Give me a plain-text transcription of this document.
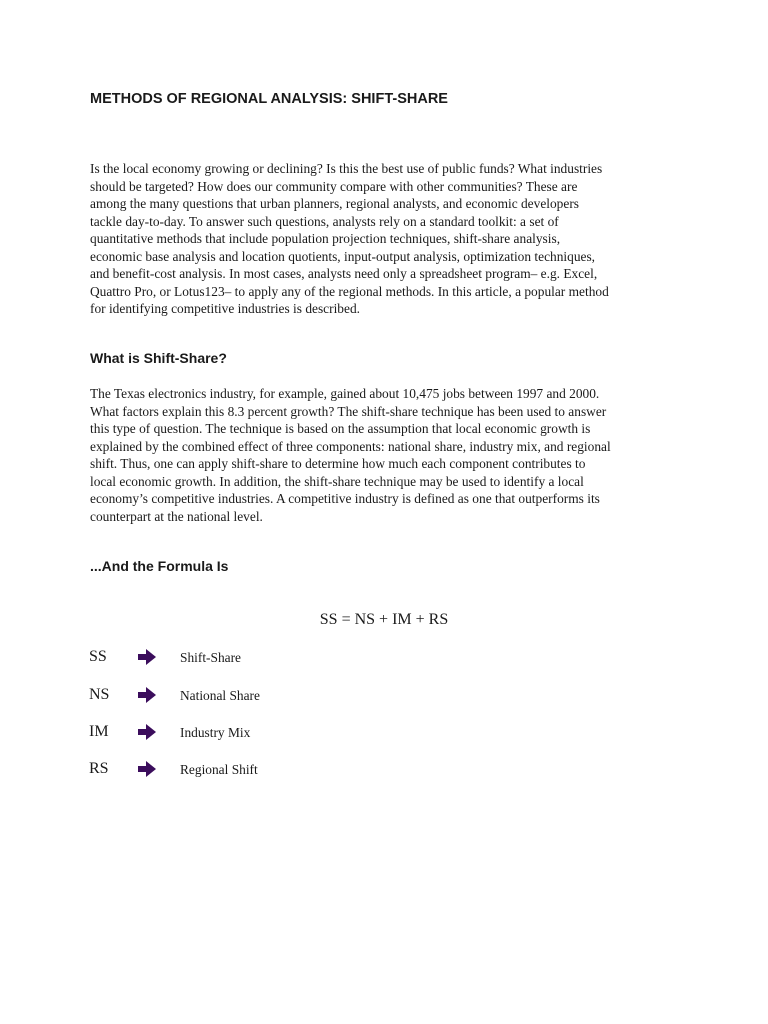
METHODS OF REGIONAL ANALYSIS: SHIFT-SHARE

Is the local economy growing or declining? Is this the best use of public funds? What industries
should be targeted? How does our community compare with other communities? These are
among the many questions that urban planners, regional analysts, and economic developers
tackle day-to-day. To answer such questions, analysts rely on a standard toolkit: a set of
quantitative methods that include population projection techniques, shift-share analysis,
economic base analysis and location quotients, input-output analysis, optimization techniques,
and benefit-cost analysis. In most cases, analysts need only a spreadsheet program– e.g. Excel,
Quattro Pro, or Lotus123– to apply any of the regional methods. In this article, a popular method
for identifying competitive industries is described.

What is Shift-Share?

The Texas electronics industry, for example, gained about 10,475 jobs between 1997 and 2000.
What factors explain this 8.3 percent growth? The shift-share technique has been used to answer
this type of question. The technique is based on the assumption that local economic growth is
explained by the combined effect of three components: national share, industry mix, and regional
shift. Thus, one can apply shift-share to determine how much each component contributes to
local economic growth. In addition, the shift-share technique may be used to identify a local
economy’s competitive industries. A competitive industry is defined as one that outperforms its
counterpart at the national level.

...And the Formula Is

SS = NS + IM + RS

SS	Shift-Share
NS	National Share
IM	Industry Mix
RS	Regional Shift
